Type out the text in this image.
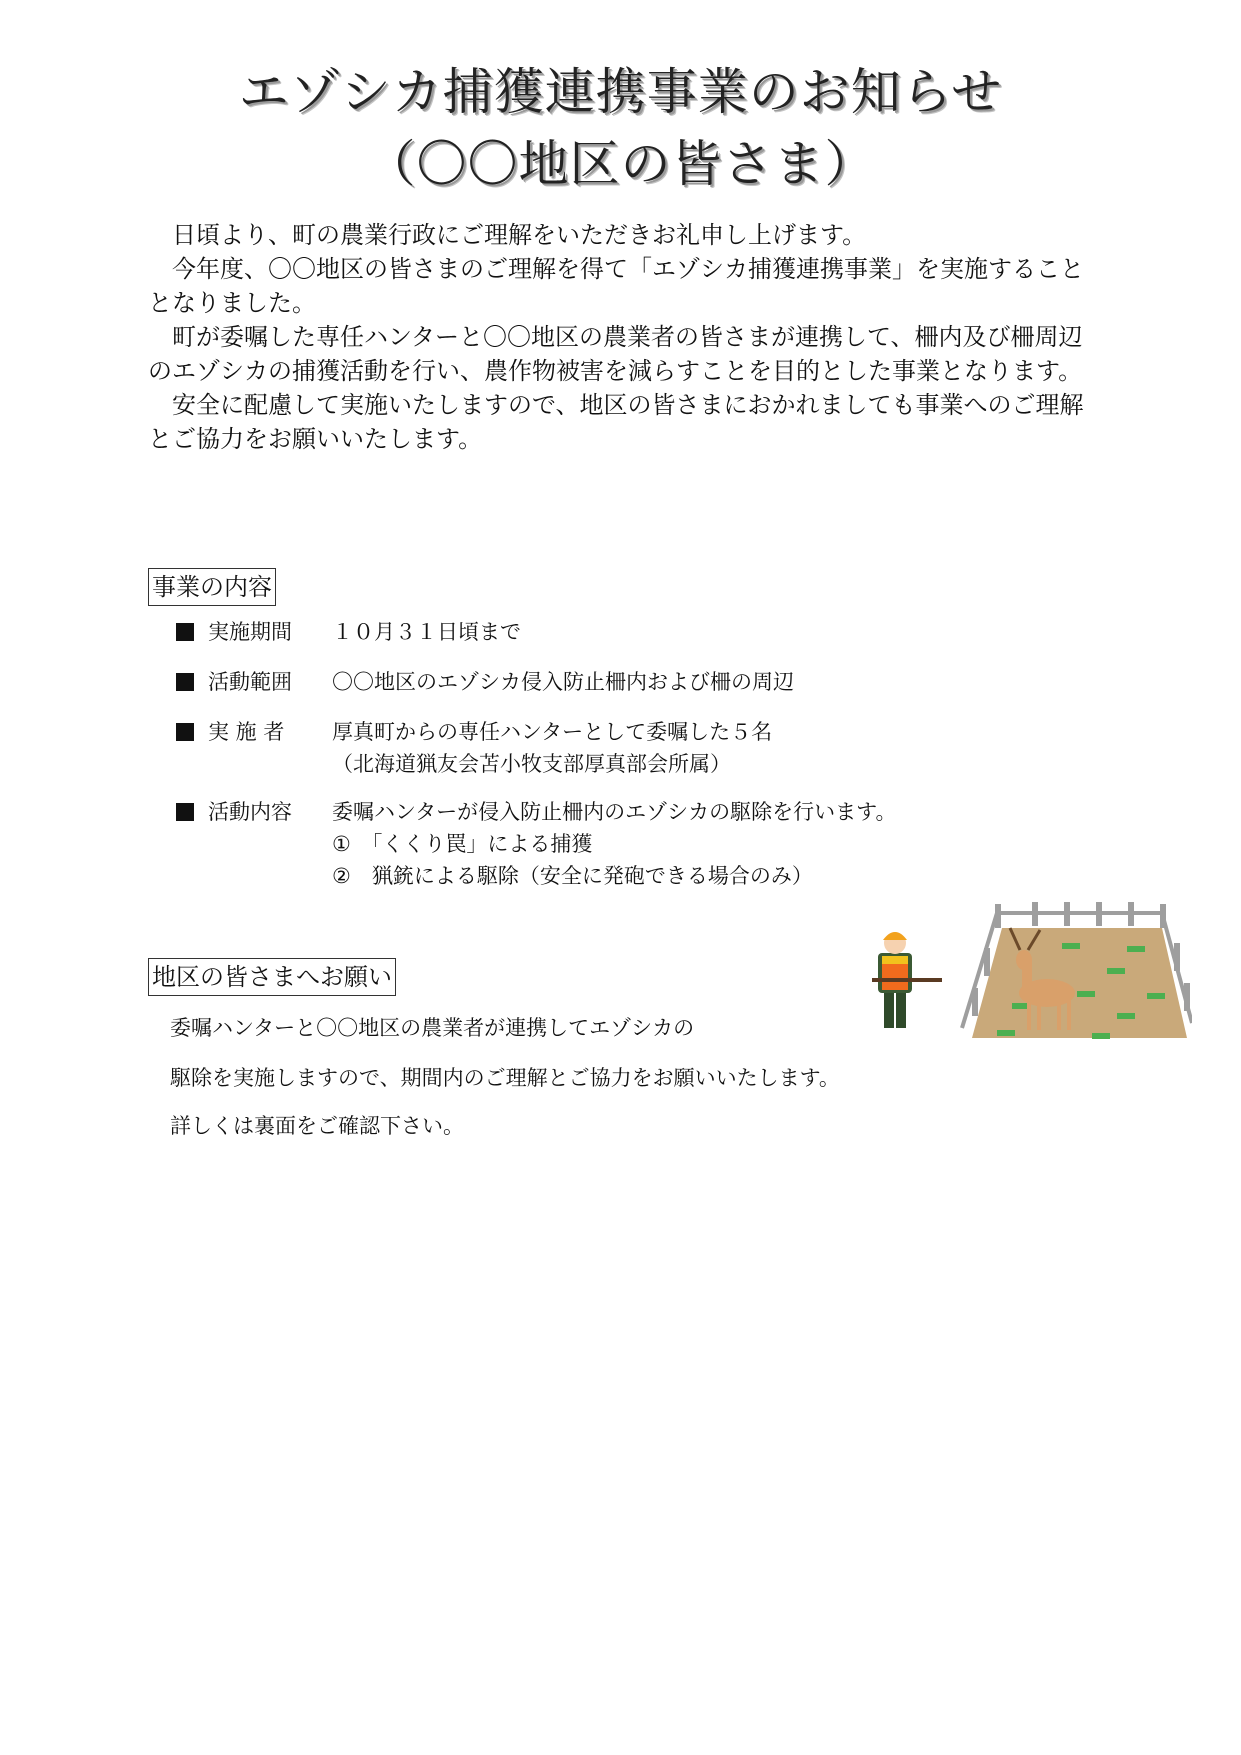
エゾシカ捕獲連携事業のお知らせ
（〇〇地区の皆さま）

日頃より、町の農業行政にご理解をいただきお礼申し上げます。

今年度、〇〇地区の皆さまのご理解を得て「エゾシカ捕獲連携事業」を実施することとなりました。

町が委嘱した専任ハンターと〇〇地区の農業者の皆さまが連携して、柵内及び柵周辺のエゾシカの捕獲活動を行い、農作物被害を減らすことを目的とした事業となります。

安全に配慮して実施いたしますので、地区の皆さまにおかれましても事業へのご理解とご協力をお願いいたします。

事業の内容
実施期間 １０月３１日頃まで
活動範囲 〇〇地区のエゾシカ侵入防止柵内および柵の周辺
実 施 者 厚真町からの専任ハンターとして委嘱した５名
（北海道猟友会苫小牧支部厚真部会所属）
活動内容 委嘱ハンターが侵入防止柵内のエゾシカの駆除を行います。
①　「くくり罠」による捕獲
②　猟銃による駆除（安全に発砲できる場合のみ）
地区の皆さまへお願い
委嘱ハンターと〇〇地区の農業者が連携してエゾシカの
駆除を実施しますので、期間内のご理解とご協力をお願いいたします。
詳しくは裏面をご確認下さい。
